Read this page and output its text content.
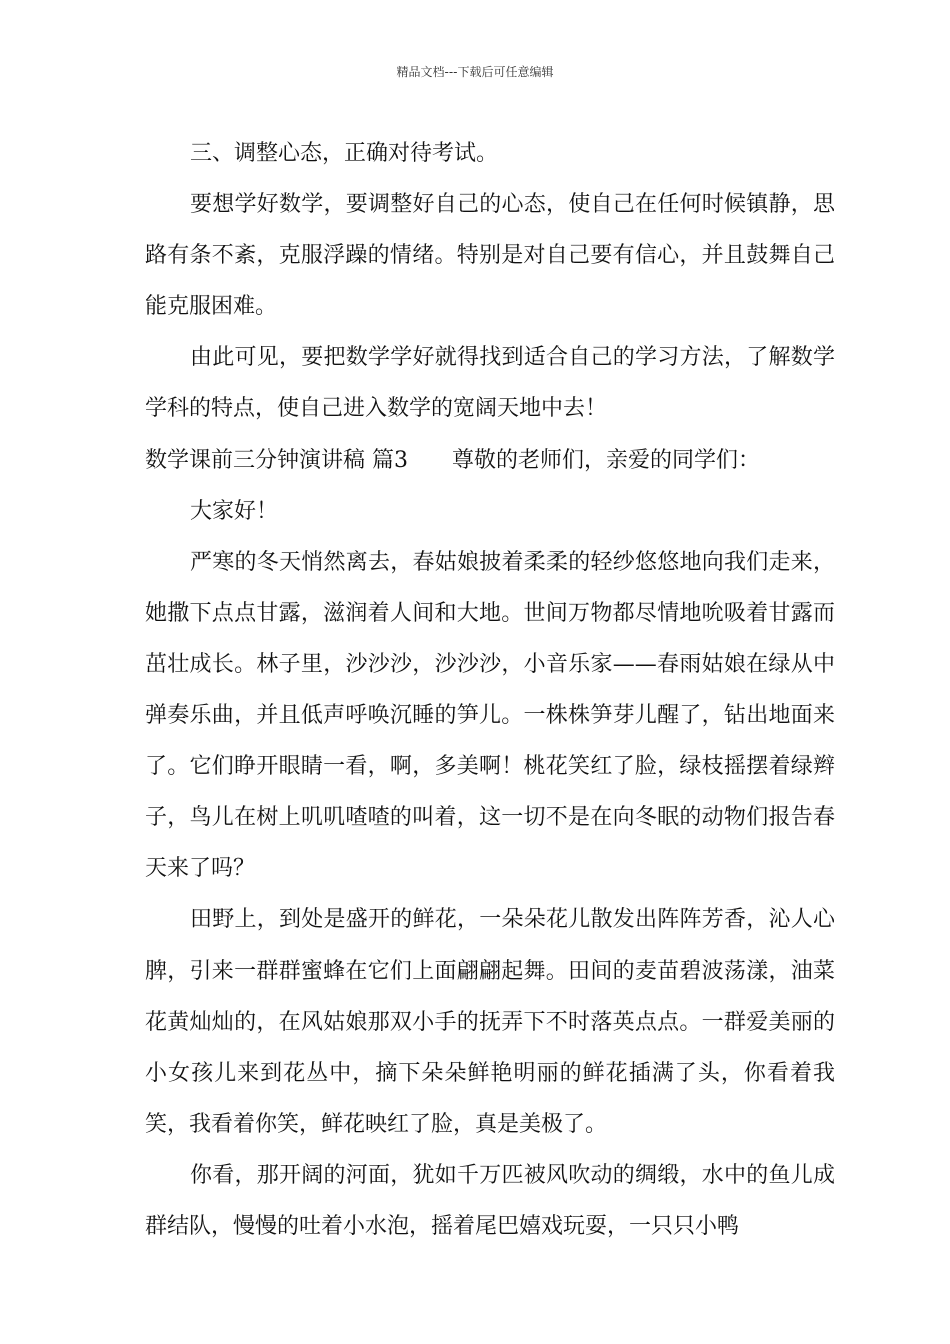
精品文档---下载后可任意编辑

三、调整心态，正确对待考试。

要想学好数学，要调整好自己的心态，使自己在任何时候镇静，思路有条不紊，克服浮躁的情绪。特别是对自己要有信心，并且鼓舞自己能克服困难。

由此可见，要把数学学好就得找到适合自己的学习方法，了解数学学科的特点，使自己进入数学的宽阔天地中去！

数学课前三分钟演讲稿 篇3　　尊敬的老师们，亲爱的同学们：

大家好！

严寒的冬天悄然离去，春姑娘披着柔柔的轻纱悠悠地向我们走来，她撒下点点甘露，滋润着人间和大地。世间万物都尽情地吮吸着甘露而茁壮成长。林子里，沙沙沙，沙沙沙，小音乐家——春雨姑娘在绿从中弹奏乐曲，并且低声呼唤沉睡的笋儿。一株株笋芽儿醒了，钻出地面来了。它们睁开眼睛一看，啊，多美啊！桃花笑红了脸，绿枝摇摆着绿辫子，鸟儿在树上叽叽喳喳的叫着，这一切不是在向冬眠的动物们报告春天来了吗？

田野上，到处是盛开的鲜花，一朵朵花儿散发出阵阵芳香，沁人心脾，引来一群群蜜蜂在它们上面翩翩起舞。田间的麦苗碧波荡漾，油菜花黄灿灿的，在风姑娘那双小手的抚弄下不时落英点点。一群爱美丽的小女孩儿来到花丛中，摘下朵朵鲜艳明丽的鲜花插满了头，你看着我笑，我看着你笑，鲜花映红了脸，真是美极了。

你看，那开阔的河面，犹如千万匹被风吹动的绸缎，水中的鱼儿成群结队，慢慢的吐着小水泡，摇着尾巴嬉戏玩耍，一只只小鸭
